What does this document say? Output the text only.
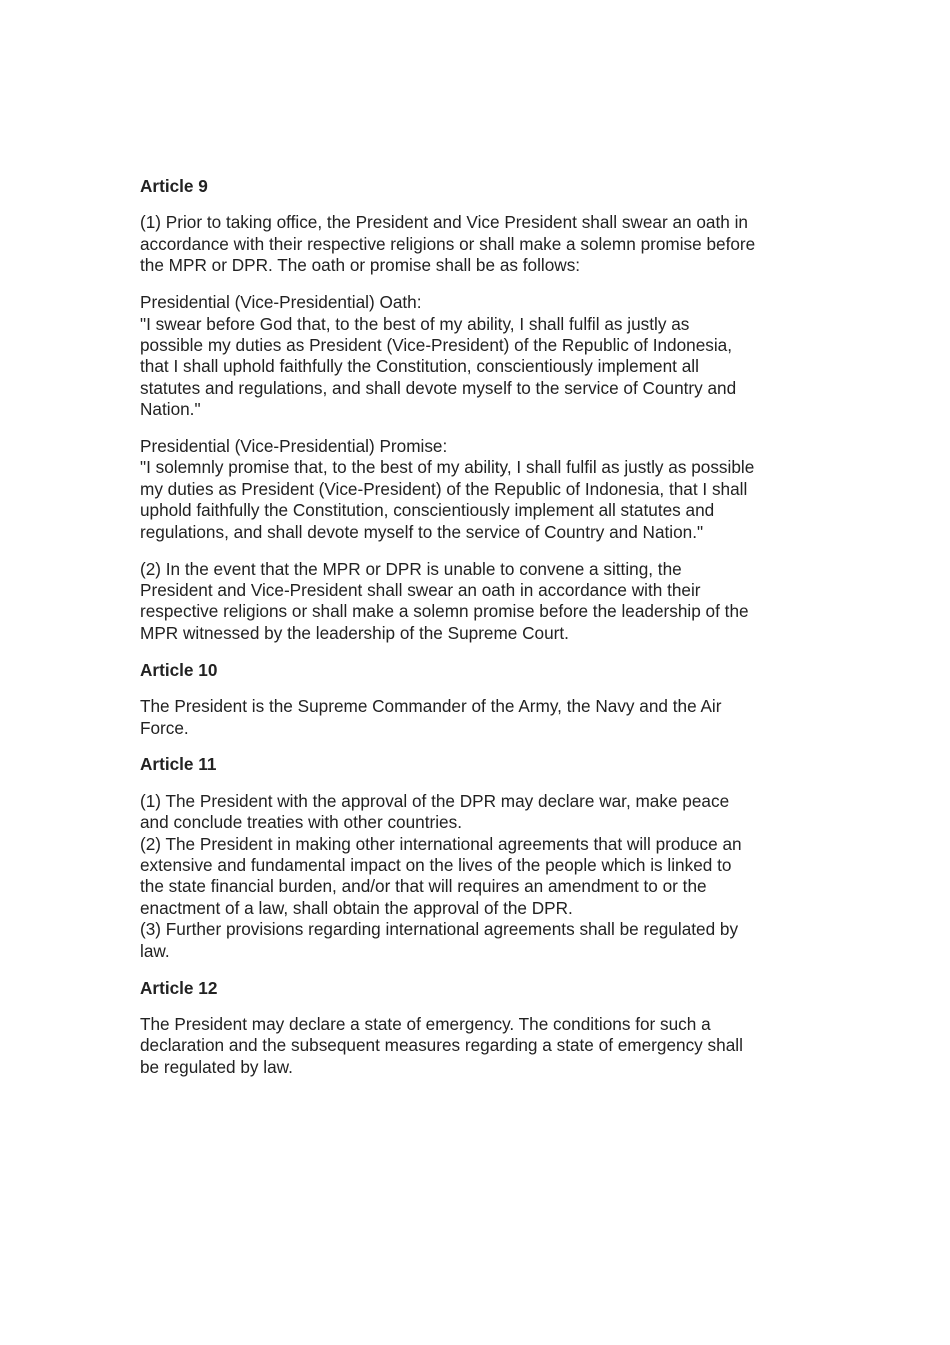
Article 9
(1) Prior to taking office, the President and Vice President shall swear an oath in
accordance with their respective religions or shall make a solemn promise before
the MPR or DPR. The oath or promise shall be as follows:
Presidential (Vice-Presidential) Oath:
"I swear before God that, to the best of my ability, I shall fulfil as justly as
possible my duties as President (Vice-President) of the Republic of Indonesia,
that I shall uphold faithfully the Constitution, conscientiously implement all
statutes and regulations, and shall devote myself to the service of Country and
Nation."
Presidential (Vice-Presidential) Promise:
"I solemnly promise that, to the best of my ability, I shall fulfil as justly as possible
my duties as President (Vice-President) of the Republic of Indonesia, that I shall
uphold faithfully the Constitution, conscientiously implement all statutes and
regulations, and shall devote myself to the service of Country and Nation."
(2) In the event that the MPR or DPR is unable to convene a sitting, the
President and Vice-President shall swear an oath in accordance with their
respective religions or shall make a solemn promise before the leadership of the
MPR witnessed by the leadership of the Supreme Court.
Article 10
The President is the Supreme Commander of the Army, the Navy and the Air
Force.
Article 11
(1) The President with the approval of the DPR may declare war, make peace
and conclude treaties with other countries.
(2) The President in making other international agreements that will produce an
extensive and fundamental impact on the lives of the people which is linked to
the state financial burden, and/or that will requires an amendment to or the
enactment of a law, shall obtain the approval of the DPR.
(3) Further provisions regarding international agreements shall be regulated by
law.
Article 12
The President may declare a state of emergency. The conditions for such a
declaration and the subsequent measures regarding a state of emergency shall
be regulated by law.
